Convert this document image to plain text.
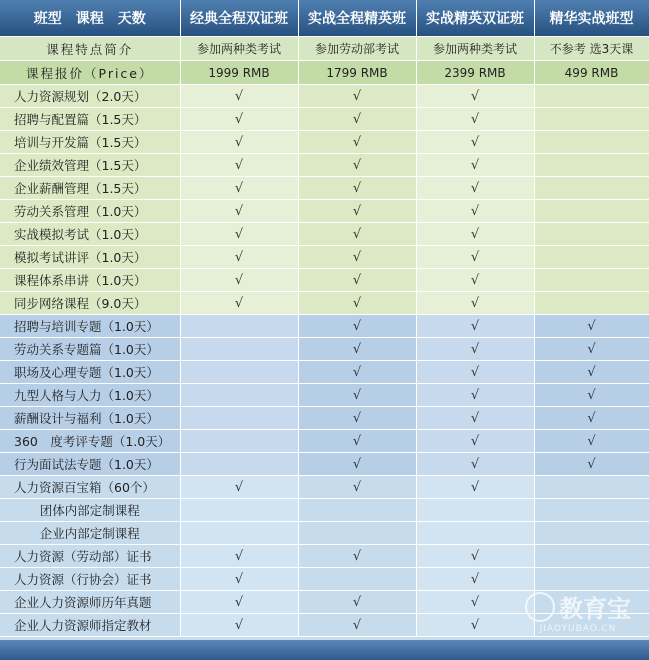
班型　课程　天数	经典全程双证班	实战全程精英班	实战精英双证班	精华实战班型
课程特点简介	参加两种类考试	参加劳动部考试	参加两种类考试	不参考 选3天课
课程报价（Price）	1999 RMB	1799 RMB	2399 RMB	499 RMB
人力资源规划（2.0天）	√	√	√	
招聘与配置篇（1.5天）	√	√	√	
培训与开发篇（1.5天）	√	√	√	
企业绩效管理（1.5天）	√	√	√	
企业薪酬管理（1.5天）	√	√	√	
劳动关系管理（1.0天）	√	√	√	
实战模拟考试（1.0天）	√	√	√	
模拟考试讲评（1.0天）	√	√	√	
课程体系串讲（1.0天）	√	√	√	
同步网络课程（9.0天）	√	√	√	
招聘与培训专题（1.0天）		√	√	√
劳动关系专题篇（1.0天）		√	√	√
职场及心理专题（1.0天）		√	√	√
九型人格与人力（1.0天）		√	√	√
薪酬设计与福利（1.0天）		√	√	√
360　度考评专题（1.0天）		√	√	√
行为面试法专题（1.0天）		√	√	√
人力资源百宝箱（60个）	√	√	√	
团体内部定制课程				
企业内部定制课程				
人力资源（劳动部）证书	√	√	√	
人力资源（行协会）证书	√		√	
企业人力资源师历年真题	√	√	√	
企业人力资源师指定教材	√	√	√	
教育宝
JIAOYUBAO.CN
